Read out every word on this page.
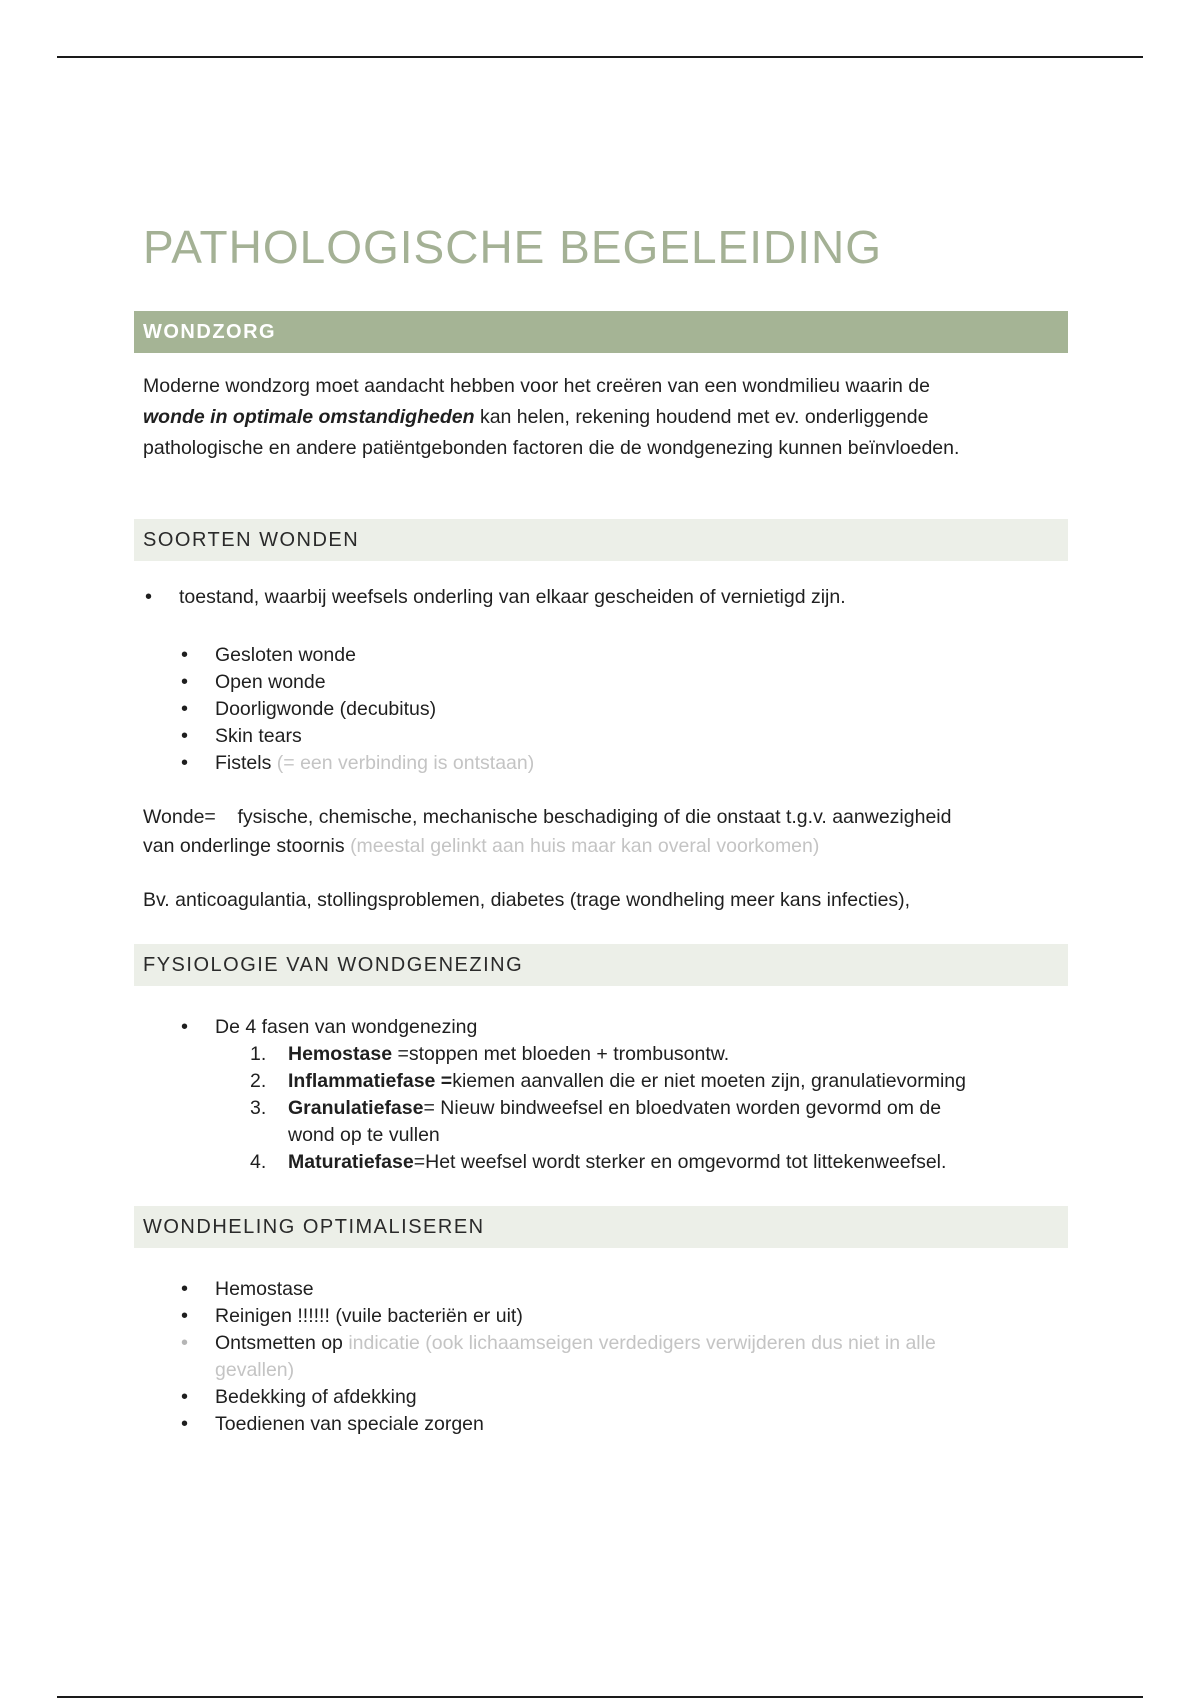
PATHOLOGISCHE BEGELEIDING
WONDZORG
Moderne wondzorg moet aandacht hebben voor het creëren van een wondmilieu waarin de
wonde in optimale omstandigheden kan helen, rekening houdend met ev. onderliggende
pathologische en andere patiëntgebonden factoren die de wondgenezing kunnen beïnvloeden.
SOORTEN WONDEN
• toestand, waarbij weefsels onderling van elkaar gescheiden of vernietigd zijn.
• Gesloten wonde
• Open wonde
• Doorligwonde (decubitus)
• Skin tears
• Fistels (= een verbinding is ontstaan)
Wonde=    fysische, chemische, mechanische beschadiging of die onstaat t.g.v. aanwezigheid
van onderlinge stoornis (meestal gelinkt aan huis maar kan overal voorkomen)
Bv. anticoagulantia, stollingsproblemen, diabetes (trage wondheling meer kans infecties),
FYSIOLOGIE VAN WONDGENEZING
• De 4 fasen van wondgenezing
1. Hemostase =stoppen met bloeden + trombusontw.
2. Inflammatiefase =kiemen aanvallen die er niet moeten zijn, granulatievorming
3. Granulatiefase= Nieuw bindweefsel en bloedvaten worden gevormd om de
wond op te vullen
4. Maturatiefase=Het weefsel wordt sterker en omgevormd tot littekenweefsel.
WONDHELING OPTIMALISEREN
• Hemostase
• Reinigen !!!!!! (vuile bacteriën er uit)
• Ontsmetten op indicatie (ook lichaamseigen verdedigers verwijderen dus niet in alle
gevallen)
• Bedekking of afdekking
• Toedienen van speciale zorgen
